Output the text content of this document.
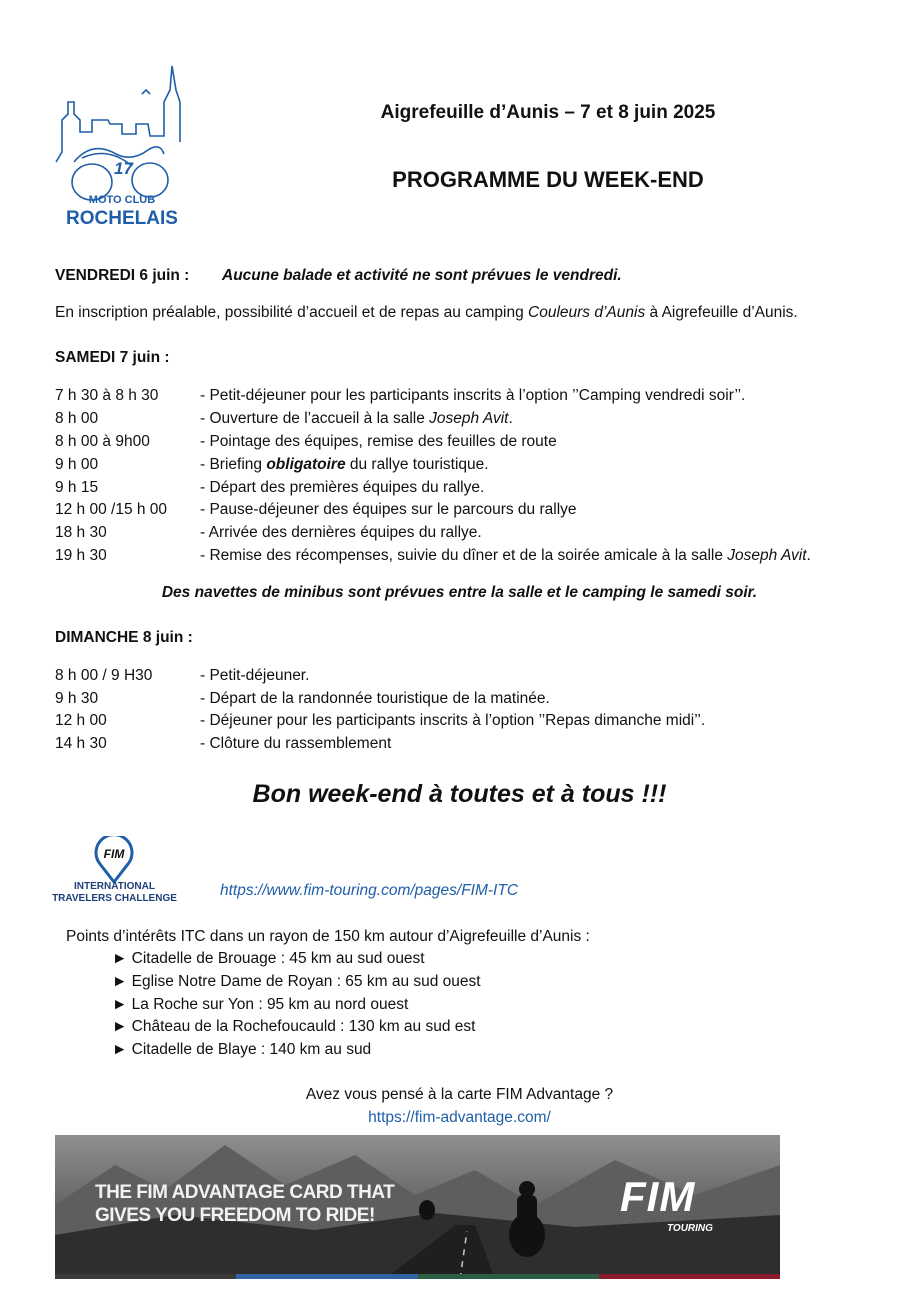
17
MOTO CLUB
ROCHELAIS
Aigrefeuille d’Aunis – 7 et 8 juin 2025
PROGRAMME DU WEEK-END
VENDREDI 6 juin : Aucune balade et activité ne sont prévues le vendredi.
En inscription préalable, possibilité d’accueil et de repas au camping Couleurs d’Aunis à Aigrefeuille d’Aunis.
SAMEDI 7 juin :
7 h 30 à 8 h 30	- Petit-déjeuner pour les participants inscrits à l’option ’’Camping vendredi soir’’.
8 h 00	- Ouverture de l’accueil à la salle Joseph Avit.
8 h 00 à 9h00	- Pointage des équipes, remise des feuilles de route
9 h 00	- Briefing obligatoire du rallye touristique.
9 h 15	- Départ des premières équipes du rallye.
12 h 00 /15 h 00 - Pause-déjeuner des équipes sur le parcours du rallye
18 h 30	- Arrivée des dernières équipes du rallye.
19 h 30	- Remise des récompenses, suivie du dîner et de la soirée amicale à la salle Joseph Avit.
Des navettes de minibus sont prévues entre la salle et le camping le samedi soir.
DIMANCHE 8 juin :
8 h 00 / 9 H30	- Petit-déjeuner.
9 h 30	- Départ de la randonnée touristique de la matinée.
12 h 00	- Déjeuner pour les participants inscrits à l’option ’’Repas dimanche midi’’.
14 h 30	- Clôture du rassemblement
Bon week-end à toutes et à tous !!!
FIM
INTERNATIONAL
TRAVELERS CHALLENGE	https://www.fim-touring.com/pages/FIM-ITC
Points d’intérêts ITC dans un rayon de 150 km autour d’Aigrefeuille d’Aunis :
► Citadelle de Brouage : 45 km au sud ouest
► Eglise Notre Dame de Royan : 65 km au sud ouest
► La Roche sur Yon : 95 km au nord ouest
► Château de la Rochefoucauld : 130 km au sud est
► Citadelle de Blaye : 140 km au sud
Avez vous pensé à la carte FIM Advantage ?
https://fim-advantage.com/
THE FIM ADVANTAGE CARD THAT
GIVES YOU FREEDOM TO RIDE!	FIM
TOURING
